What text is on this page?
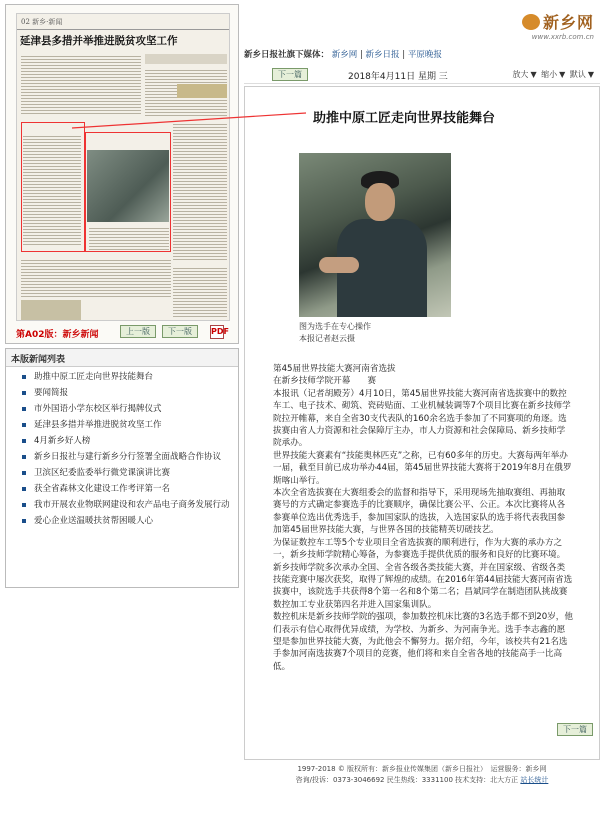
02 新乡·新闻
延津县多措并举推进脱贫攻坚工作
第A02版：新乡新闻	上一版	下一版	PDF
本版新闻列表
助推中原工匠走向世界技能舞台
要闻简报
市外国语小学东校区举行揭牌仪式
延津县多措并举推进脱贫攻坚工作
4月新乡好人榜
新乡日报社与建行新乡分行签署全面战略合作协议
卫滨区纪委监委举行微党课演讲比赛
获全省森林文化建设工作考评第一名
我市开展农业物联网建设和农产品电子商务发展行动
爱心企业送温暖扶贫帮困暖人心
新乡网
www.xxrb.com.cn
新乡日报社旗下媒体： 新乡网 | 新乡日报 | 平原晚报
下一篇	2018年4月11日 星期 三	放大 ▼ 缩小 ▼ 默认 ▼
助推中原工匠走向世界技能舞台
图为选手在专心操作
本报记者赵云摄

第45届世界技能大赛河南省选拔

在新乡技师学院开幕　　赛

本报讯（记者胡殿芳）4月10日，第45届世界技能大赛河南省选拔赛中的数控车工、电子技术、砌筑、瓷砖贴面、工业机械装调等7个项目比赛在新乡技师学院拉开帷幕，来自全省30支代表队的160余名选手参加了不同赛项的角逐。选拔赛由省人力资源和社会保障厅主办，市人力资源和社会保障局、新乡技师学院承办。

世界技能大赛素有“技能奥林匹克”之称，已有60多年的历史。大赛每两年举办一届，截至目前已成功举办44届，第45届世界技能大赛将于2019年8月在俄罗斯喀山举行。

本次全省选拔赛在大赛组委会的监督和指导下，采用现场先抽取赛组、再抽取赛号的方式确定参赛选手的比赛顺序，确保比赛公平、公正。本次比赛将从各参赛单位选出优秀选手，参加国家队的选拔，入选国家队的选手将代表我国参加第45届世界技能大赛，与世界各国的技能精英切磋技艺。

为保证数控车工等5个专业项目全省选拔赛的顺利进行，作为大赛的承办方之一，新乡技师学院精心筹备，为参赛选手提供优质的服务和良好的比赛环境。新乡技师学院多次承办全国、全省各级各类技能大赛，并在国家级、省级各类技能竞赛中屡次获奖，取得了辉煌的成绩。在2016年第44届技能大赛河南省选拔赛中，该院选手共获得8个第一名和8个第二名；昌斌同学在制造团队挑战赛数控加工专业获第四名并进入国家集训队。

数控机床是新乡技师学院的强项，参加数控机床比赛的3名选手都不到20岁，他们表示有信心取得优异成绩，为学校、为新乡、为河南争光。选手李志鑫的愿望是参加世界技能大赛，为此他会不懈努力。据介绍，今年，该校共有21名选手参加河南选拔赛7个项目的竞赛，他们将和来自全省各地的技能高手一比高低。

下一篇
1997-2018 © 版权所有：新乡报业传媒集团（新乡日报社）　运营服务：新乡网
咨询/投诉：0373-3046692 民生热线：3331100 技术支持：北大方正 站长统计
